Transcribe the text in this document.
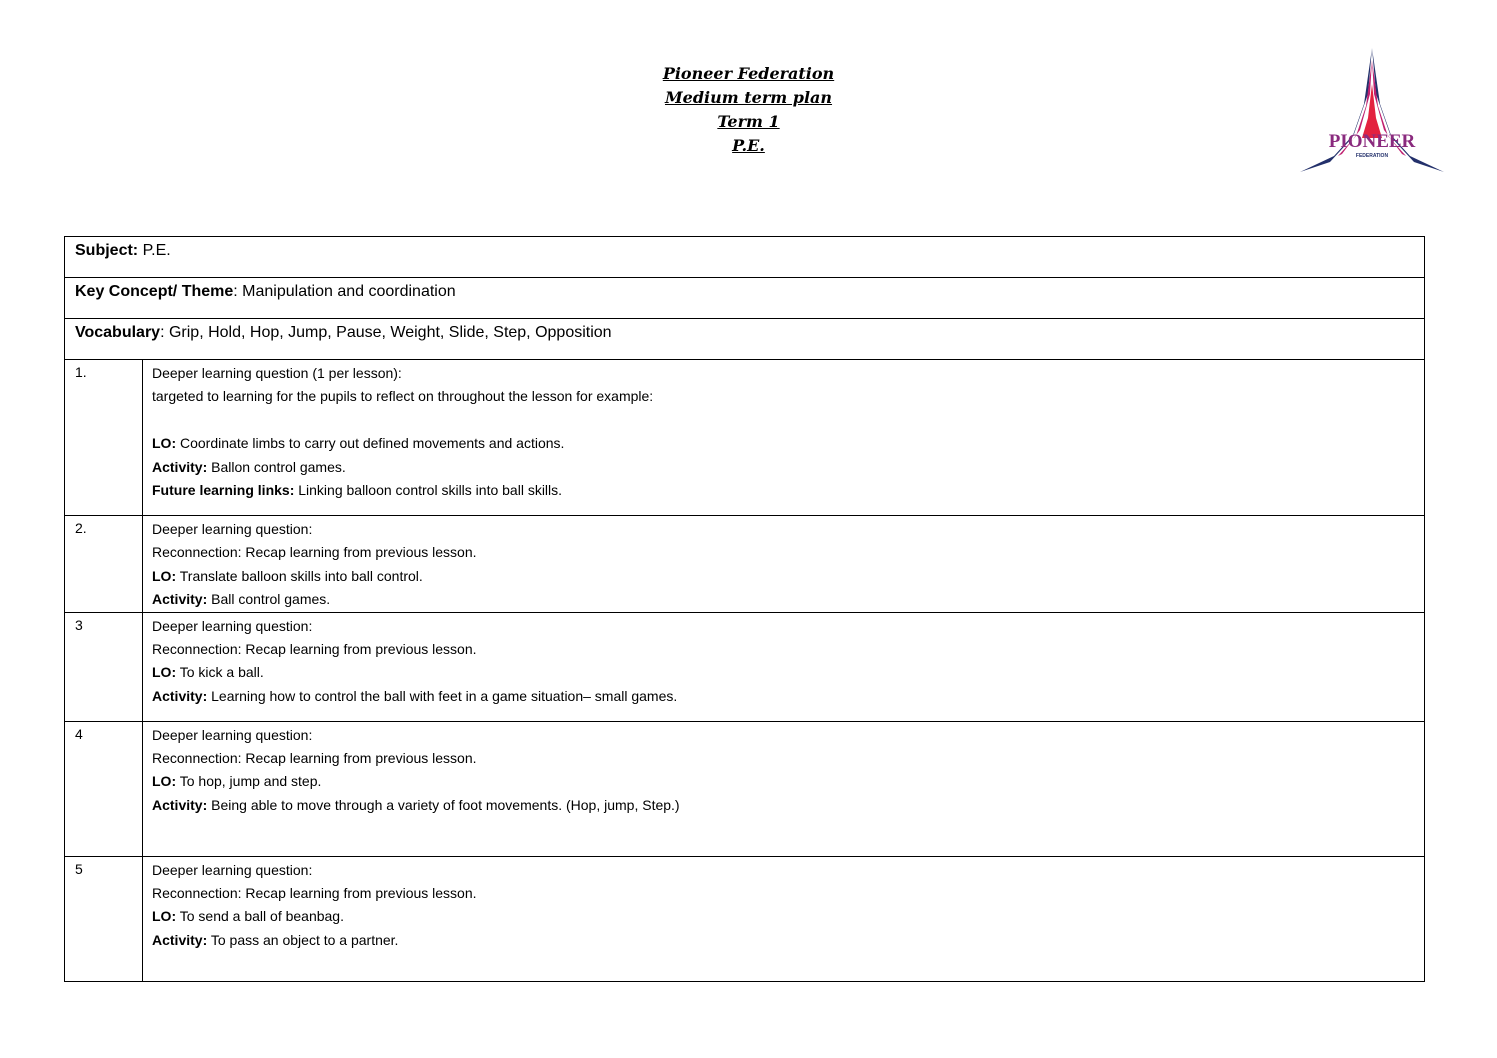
Pioneer Federation
Medium term plan
Term 1
P.E.	PIONEER
FEDERATION
Subject: P.E.	
Key Concept/ Theme: Manipulation and coordination	
Vocabulary: Grip, Hold, Hop, Jump, Pause, Weight, Slide, Step, Opposition	
1.	Deeper learning question (1 per lesson):
targeted to learning for the pupils to reflect on throughout the lesson for example:
LO: Coordinate limbs to carry out defined movements and actions.
Activity: Ballon control games.
Future learning links: Linking balloon control skills into ball skills.

2.	Deeper learning question:
Reconnection: Recap learning from previous lesson.
LO: Translate balloon skills into ball control.
Activity: Ball control games.

3	Deeper learning question:
Reconnection: Recap learning from previous lesson.
LO: To kick a ball.
Activity: Learning how to control the ball with feet in a game situation– small games.

4	Deeper learning question:
Reconnection: Recap learning from previous lesson.
LO: To hop, jump and step.
Activity: Being able to move through a variety of foot movements. (Hop, jump, Step.)

5	Deeper learning question:
Reconnection: Recap learning from previous lesson.
LO: To send a ball of beanbag.
Activity: To pass an object to a partner.
